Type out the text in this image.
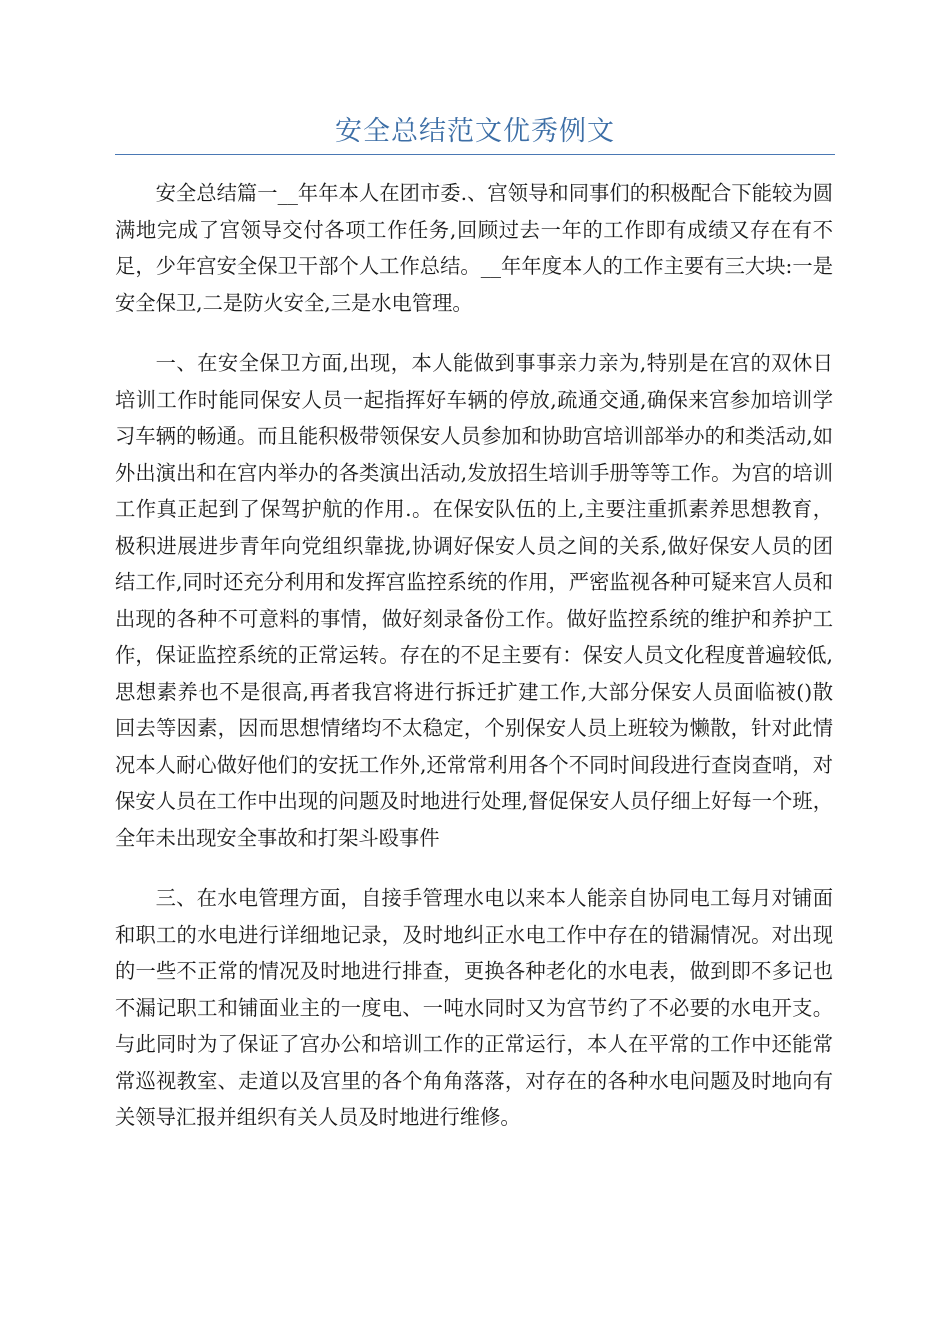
安全总结范文优秀例文

安全总结篇一__年年本人在团市委.、宫领导和同事们的积极配合下能较为圆满地完成了宫领导交付各项工作任务,回顾过去一年的工作即有成绩又存在有不足，少年宫安全保卫干部个人工作总结。__年年度本人的工作主要有三大块:一是安全保卫,二是防火安全,三是水电管理。

一、在安全保卫方面,出现，本人能做到事事亲力亲为,特别是在宫的双休日培训工作时能同保安人员一起指挥好车辆的停放,疏通交通,确保来宫参加培训学习车辆的畅通。而且能积极带领保安人员参加和协助宫培训部举办的和类活动,如外出演出和在宫内举办的各类演出活动,发放招生培训手册等等工作。为宫的培训工作真正起到了保驾护航的作用.。在保安队伍的上,主要注重抓素养思想教育，极积进展进步青年向党组织靠拢,协调好保安人员之间的关系,做好保安人员的团结工作,同时还充分利用和发挥宫监控系统的作用，严密监视各种可疑来宫人员和出现的各种不可意料的事情，做好刻录备份工作。做好监控系统的维护和养护工作，保证监控系统的正常运转。存在的不足主要有：保安人员文化程度普遍较低,思想素养也不是很高,再者我宫将进行拆迁扩建工作,大部分保安人员面临被()散回去等因素，因而思想情绪均不太稳定，个别保安人员上班较为懒散，针对此情况本人耐心做好他们的安抚工作外,还常常利用各个不同时间段进行查岗查哨，对保安人员在工作中出现的问题及时地进行处理,督促保安人员仔细上好每一个班，全年未出现安全事故和打架斗殴事件

三、在水电管理方面，自接手管理水电以来本人能亲自协同电工每月对铺面和职工的水电进行详细地记录，及时地纠正水电工作中存在的错漏情况。对出现的一些不正常的情况及时地进行排查，更换各种老化的水电表，做到即不多记也不漏记职工和铺面业主的一度电、一吨水同时又为宫节约了不必要的水电开支。与此同时为了保证了宫办公和培训工作的正常运行，本人在平常的工作中还能常常巡视教室、走道以及宫里的各个角角落落，对存在的各种水电问题及时地向有关领导汇报并组织有关人员及时地进行维修。
